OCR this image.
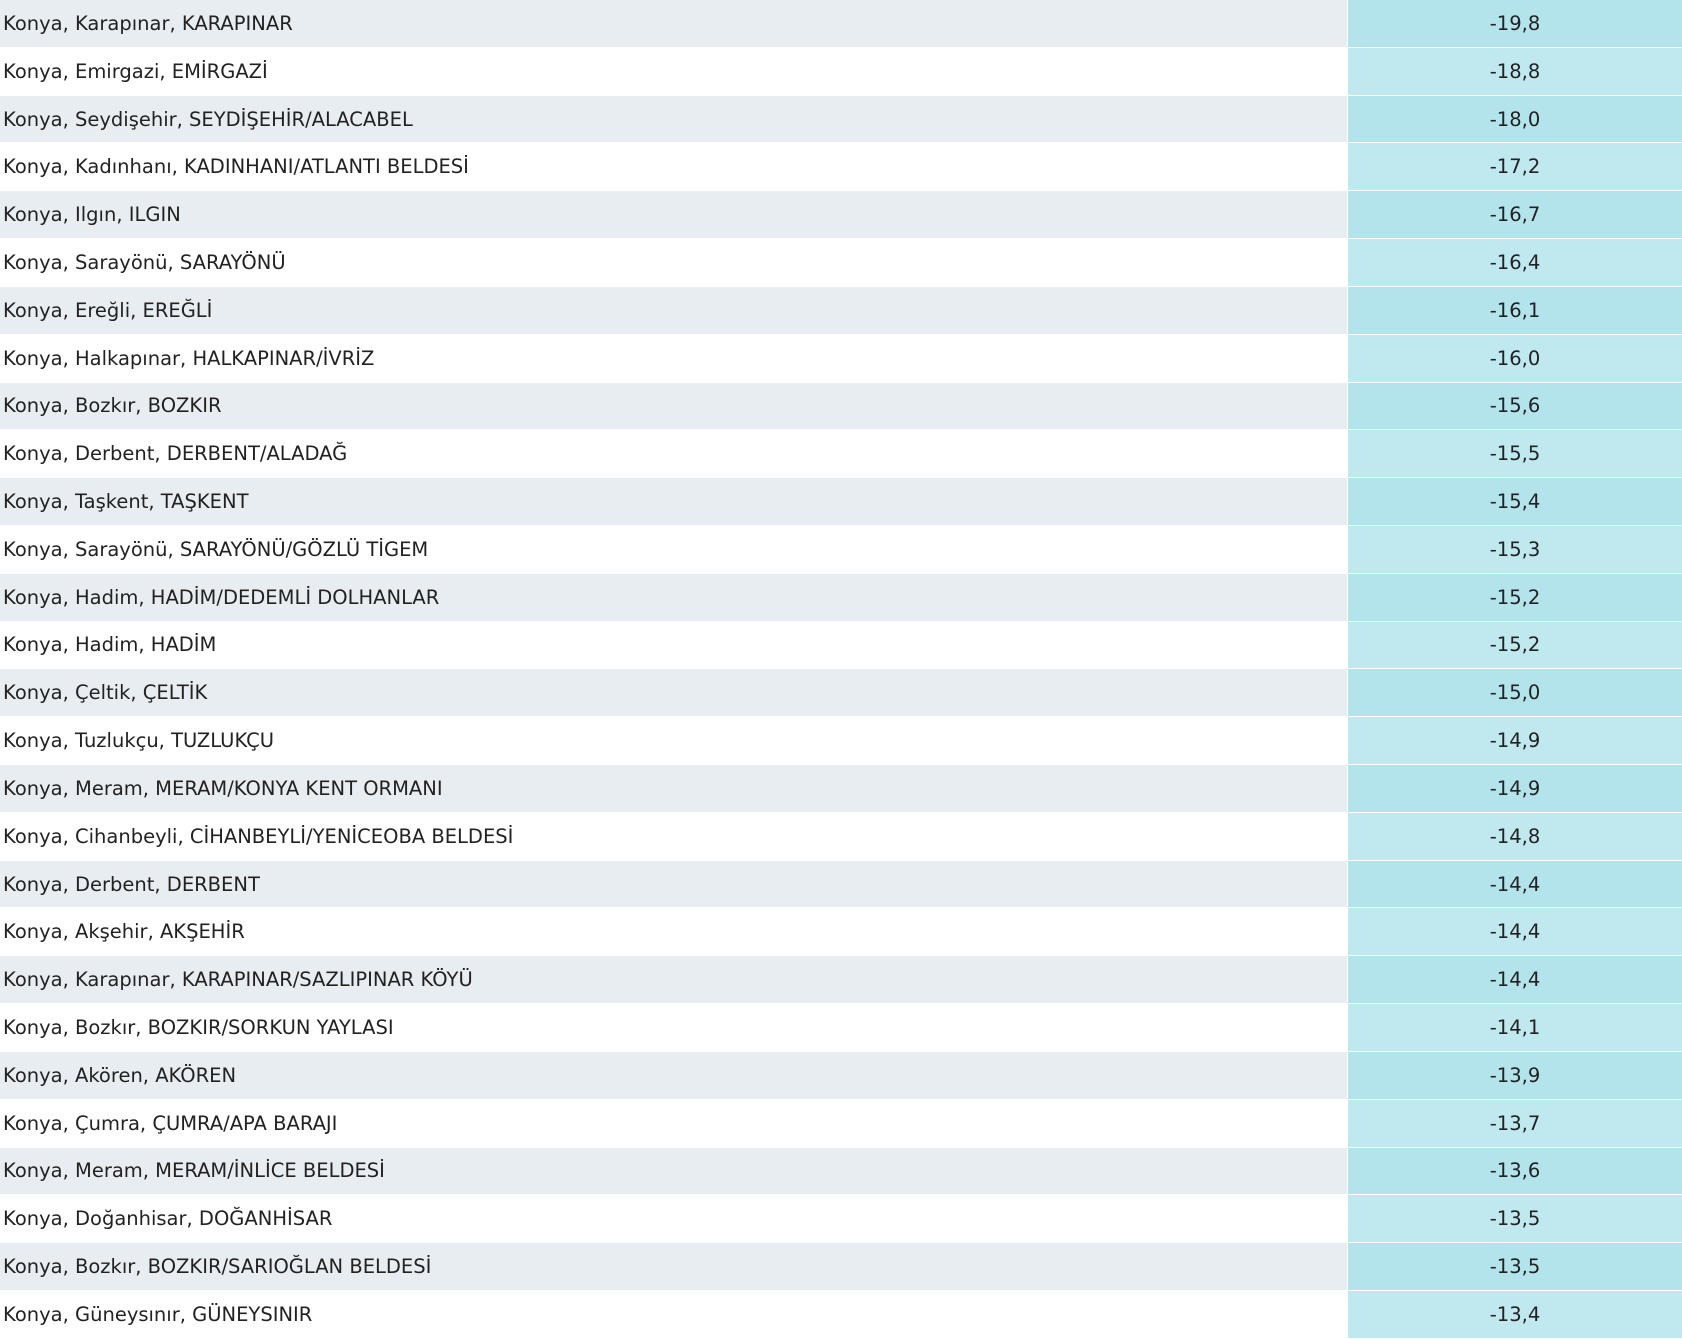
Konya, Karapınar, KARAPINAR	-19,8
Konya, Emirgazi, EMİRGAZİ	-18,8
Konya, Seydişehir, SEYDİŞEHİR/ALACABEL	-18,0
Konya, Kadınhanı, KADINHANI/ATLANTI BELDESİ	-17,2
Konya, Ilgın, ILGIN	-16,7
Konya, Sarayönü, SARAYÖNÜ	-16,4
Konya, Ereğli, EREĞLİ	-16,1
Konya, Halkapınar, HALKAPINAR/İVRİZ	-16,0
Konya, Bozkır, BOZKIR	-15,6
Konya, Derbent, DERBENT/ALADAĞ	-15,5
Konya, Taşkent, TAŞKENT	-15,4
Konya, Sarayönü, SARAYÖNÜ/GÖZLÜ TİGEM	-15,3
Konya, Hadim, HADİM/DEDEMLİ DOLHANLAR	-15,2
Konya, Hadim, HADİM	-15,2
Konya, Çeltik, ÇELTİK	-15,0
Konya, Tuzlukçu, TUZLUKÇU	-14,9
Konya, Meram, MERAM/KONYA KENT ORMANI	-14,9
Konya, Cihanbeyli, CİHANBEYLİ/YENİCEOBA BELDESİ	-14,8
Konya, Derbent, DERBENT	-14,4
Konya, Akşehir, AKŞEHİR	-14,4
Konya, Karapınar, KARAPINAR/SAZLIPINAR KÖYÜ	-14,4
Konya, Bozkır, BOZKIR/SORKUN YAYLASI	-14,1
Konya, Akören, AKÖREN	-13,9
Konya, Çumra, ÇUMRA/APA BARAJI	-13,7
Konya, Meram, MERAM/İNLİCE BELDESİ	-13,6
Konya, Doğanhisar, DOĞANHİSAR	-13,5
Konya, Bozkır, BOZKIR/SARIOĞLAN BELDESİ	-13,5
Konya, Güneysınır, GÜNEYSINIR	-13,4
